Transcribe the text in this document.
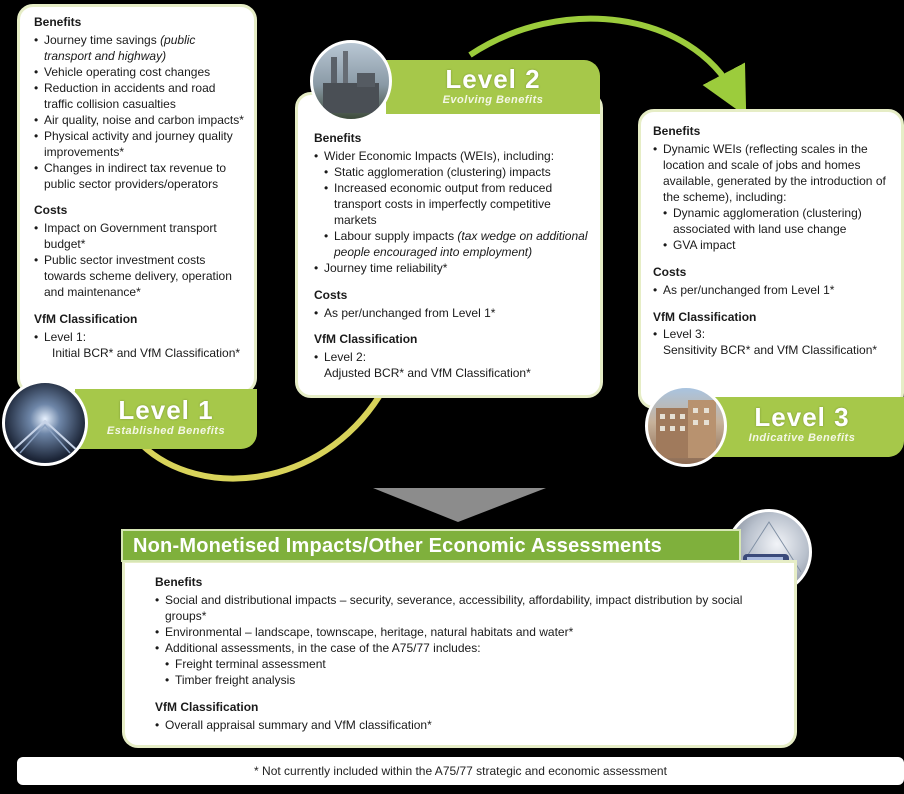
Benefits
• Journey time savings (public transport and highway)
• Vehicle operating cost changes
• Reduction in accidents and road traffic collision casualties
• Air quality, noise and carbon impacts*
• Physical activity and journey quality improvements*
• Changes in indirect tax revenue to public sector providers/operators
Costs
• Impact on Government transport budget*
• Public sector investment costs towards scheme delivery, operation and maintenance*
VfM Classification
• Level 1:
Initial BCR* and VfM Classification*
Benefits
• Wider Economic Impacts (WEIs), including:
• Static agglomeration (clustering) impacts
• Increased economic output from reduced transport costs in imperfectly competitive markets
• Labour supply impacts (tax wedge on additional people encouraged into employment)
• Journey time reliability*
Costs
• As per/unchanged from Level 1*
VfM Classification
• Level 2:
Adjusted BCR* and VfM Classification*
Benefits
• Dynamic WEIs (reflecting scales in the location and scale of jobs and homes available, generated by the introduction of the scheme), including:
• Dynamic agglomeration (clustering) associated with land use change
• GVA impact
Costs
• As per/unchanged from Level 1*
VfM Classification
• Level 3:
Sensitivity BCR* and VfM Classification*
Level 2
Evolving Benefits
Level 1
Established Benefits	Level 3
Indicative Benefits
Benefits
• Social and distributional impacts – security, severance, accessibility, affordability, impact distribution by social groups*
• Environmental – landscape, townscape, heritage, natural habitats and water*
• Additional assessments, in the case of the A75/77 includes:
• Freight terminal assessment
• Timber freight analysis
VfM Classification
• Overall appraisal summary and VfM classification*
Non-Monetised Impacts/Other Economic Assessments
* Not currently included within the A75/77 strategic and economic assessment
